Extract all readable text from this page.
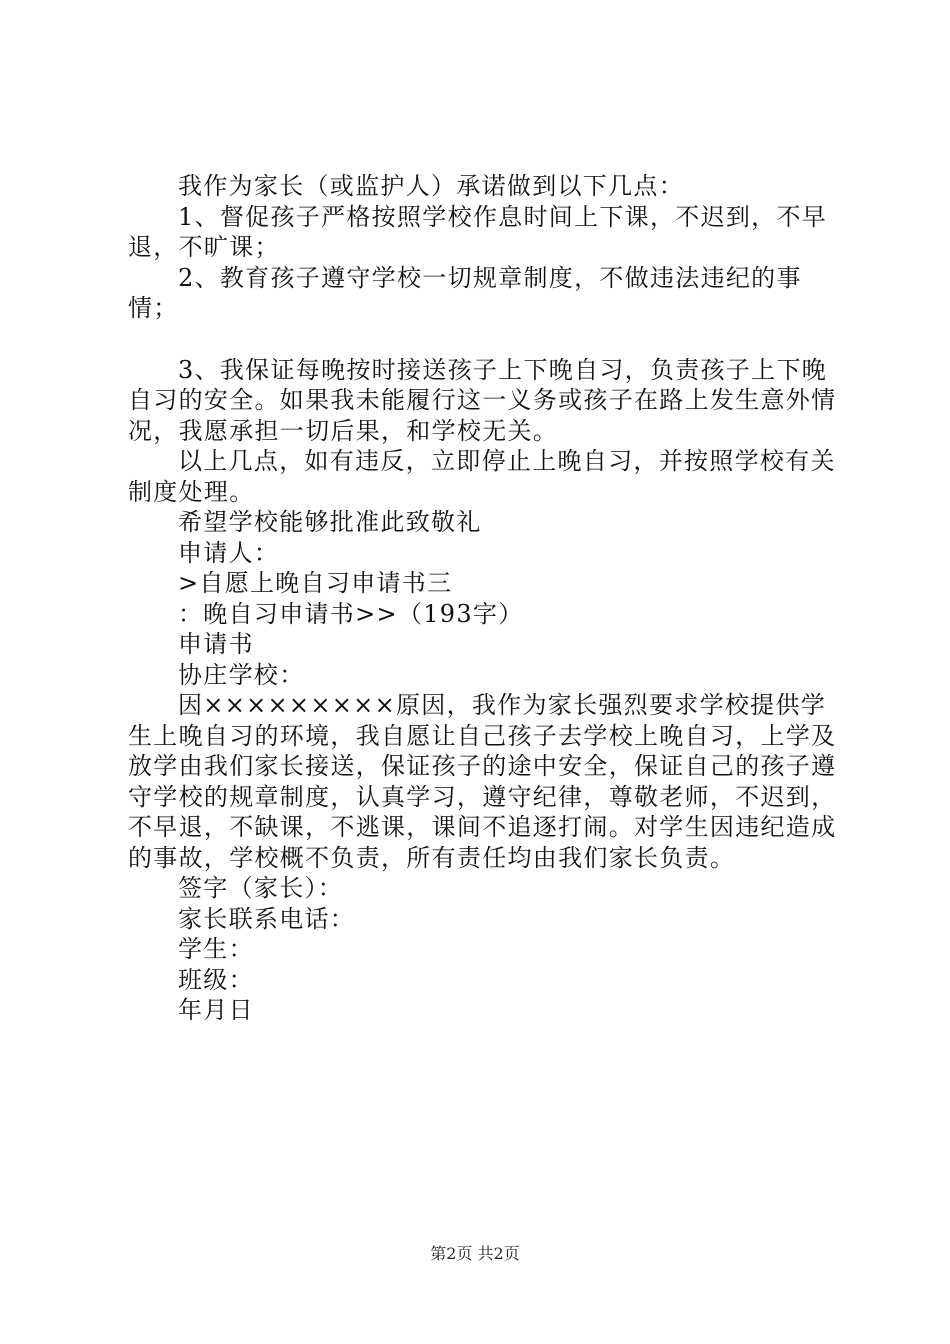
我作为家长（或监护人）承诺做到以下几点：

1、督促孩子严格按照学校作息时间上下课，不迟到，不早退，不旷课；

2、教育孩子遵守学校一切规章制度，不做违法违纪的事情；

3、我保证每晚按时接送孩子上下晚自习，负责孩子上下晚自习的安全。如果我未能履行这一义务或孩子在路上发生意外情况，我愿承担一切后果，和学校无关。

以上几点，如有违反，立即停止上晚自习，并按照学校有关制度处理。

希望学校能够批准此致敬礼

申请人：

>自愿上晚自习申请书三

：晚自习申请书>>（193字）

申请书

协庄学校：

因×××××××××原因，我作为家长强烈要求学校提供学生上晚自习的环境，我自愿让自己孩子去学校上晚自习，上学及放学由我们家长接送，保证孩子的途中安全，保证自己的孩子遵守学校的规章制度，认真学习，遵守纪律，尊敬老师，不迟到，不早退，不缺课，不逃课，课间不追逐打闹。对学生因违纪造成的事故，学校概不负责，所有责任均由我们家长负责。

签字（家长）：

家长联系电话：

学生：

班级：

年月日

第2页 共2页
